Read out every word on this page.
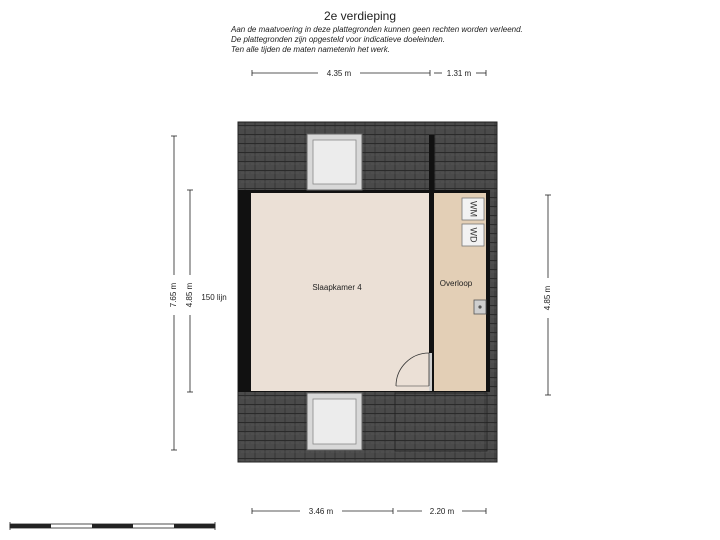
2e verdieping
Aan de maatvoering in deze plattegronden kunnen geen rechten worden verleend.
De plattegronden zijn opgesteld voor indicatieve doeleinden.
Ten alle tijden de maten nametenin het werk.
WM
WD
Slaapkamer 4	Overloop
150 lijn
4.35 m	1.31 m
3.46 m	2.20 m
7.65 m 4.85 m	4.85 m
